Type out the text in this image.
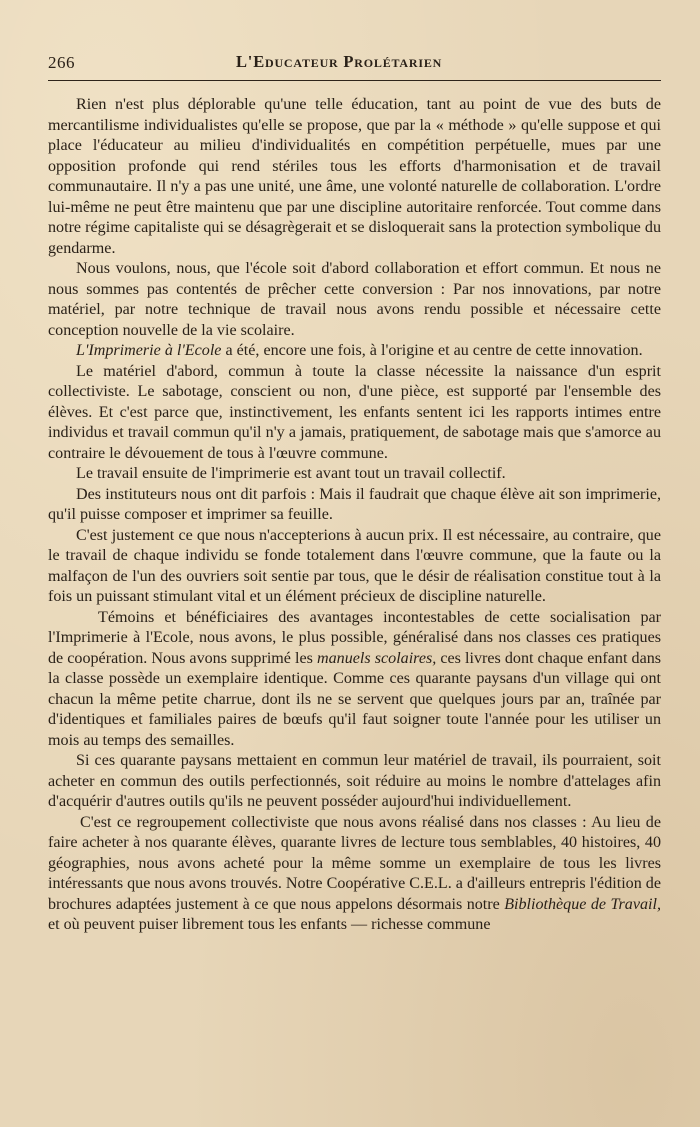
266	L'Educateur Prolétarien

Rien n'est plus déplorable qu'une telle éducation, tant au point de vue des buts de mercantilisme individualistes qu'elle se propose, que par la « méthode » qu'elle suppose et qui place l'éducateur au milieu d'individualités en compétition perpétuelle, mues par une opposition profonde qui rend stériles tous les efforts d'harmonisation et de travail communautaire. Il n'y a pas une unité, une âme, une volonté naturelle de collaboration. L'ordre lui-même ne peut être maintenu que par une discipline autoritaire renforcée. Tout comme dans notre régime capitaliste qui se désagrègerait et se disloquerait sans la protection symbolique du gendarme.

Nous voulons, nous, que l'école soit d'abord collaboration et effort commun. Et nous ne nous sommes pas contentés de prêcher cette conversion : Par nos innovations, par notre matériel, par notre technique de travail nous avons rendu possible et nécessaire cette conception nouvelle de la vie scolaire.

L'Imprimerie à l'Ecole a été, encore une fois, à l'origine et au centre de cette innovation.

Le matériel d'abord, commun à toute la classe nécessite la naissance d'un esprit collectiviste. Le sabotage, conscient ou non, d'une pièce, est supporté par l'ensemble des élèves. Et c'est parce que, instinctivement, les enfants sentent ici les rapports intimes entre individus et travail commun qu'il n'y a jamais, pratiquement, de sabotage mais que s'amorce au contraire le dévouement de tous à l'œuvre commune.

Le travail ensuite de l'imprimerie est avant tout un travail collectif.

Des instituteurs nous ont dit parfois : Mais il faudrait que chaque élève ait son imprimerie, qu'il puisse composer et imprimer sa feuille.

C'est justement ce que nous n'accepterions à aucun prix. Il est nécessaire, au contraire, que le travail de chaque individu se fonde totalement dans l'œuvre commune, que la faute ou la malfaçon de l'un des ouvriers soit sentie par tous, que le désir de réalisation constitue tout à la fois un puissant stimulant vital et un élément précieux de discipline naturelle.

Témoins et bénéficiaires des avantages incontestables de cette socialisation par l'Imprimerie à l'Ecole, nous avons, le plus possible, généralisé dans nos classes ces pratiques de coopération. Nous avons supprimé les manuels scolaires, ces livres dont chaque enfant dans la classe possède un exemplaire identique. Comme ces quarante paysans d'un village qui ont chacun la même petite charrue, dont ils ne se servent que quelques jours par an, traînée par d'identiques et familiales paires de bœufs qu'il faut soigner toute l'année pour les utiliser un mois au temps des semailles.

Si ces quarante paysans mettaient en commun leur matériel de travail, ils pourraient, soit acheter en commun des outils perfectionnés, soit réduire au moins le nombre d'attelages afin d'acquérir d'autres outils qu'ils ne peuvent posséder aujourd'hui individuellement.

C'est ce regroupement collectiviste que nous avons réalisé dans nos classes : Au lieu de faire acheter à nos quarante élèves, quarante livres de lecture tous semblables, 40 histoires, 40 géographies, nous avons acheté pour la même somme un exemplaire de tous les livres intéressants que nous avons trouvés. Notre Coopérative C.E.L. a d'ailleurs entrepris l'édition de brochures adaptées justement à ce que nous appelons désormais notre Bibliothèque de Travail, et où peuvent puiser librement tous les enfants — richesse commune
